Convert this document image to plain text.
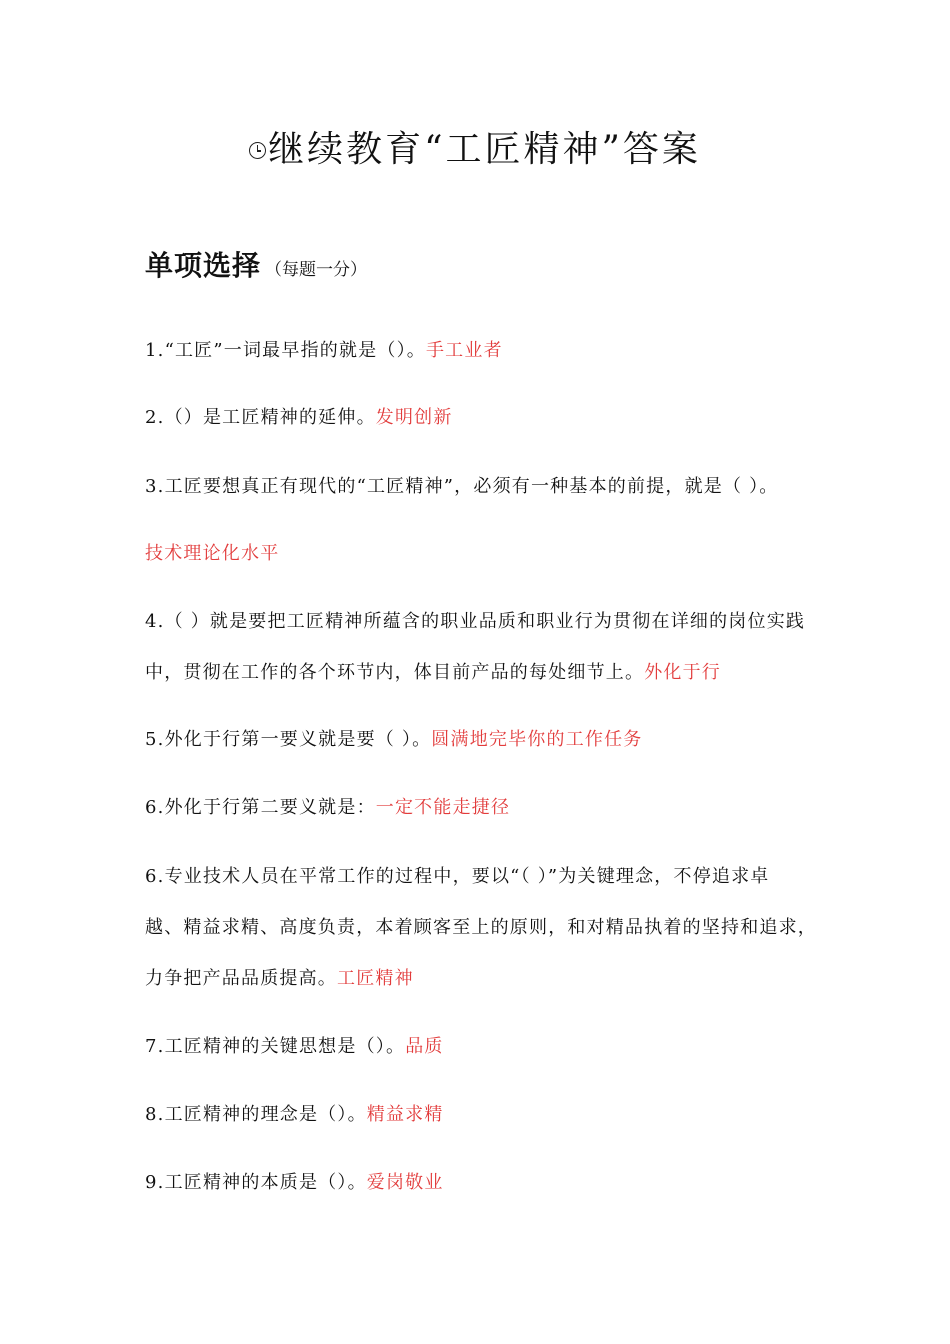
继续教育“工匠精神”答案
单项选择 （每题一分）
1.“工匠”一词最早指的就是（）。手工业者
2.（）是工匠精神的延伸。发明创新
3.工匠要想真正有现代的“工匠精神”，必须有一种基本的前提，就是（ ）。
技术理论化水平
4.（ ）就是要把工匠精神所蕴含的职业品质和职业行为贯彻在详细的岗位实践
中，贯彻在工作的各个环节内，体目前产品的每处细节上。外化于行
5.外化于行第一要义就是要（ ）。圆满地完毕你的工作任务
6.外化于行第二要义就是：一定不能走捷径
6.专业技术人员在平常工作的过程中，要以“（ ）”为关键理念，不停追求卓
越、精益求精、高度负责，本着顾客至上的原则，和对精品执着的坚持和追求，
力争把产品品质提高。工匠精神
7.工匠精神的关键思想是（）。品质
8.工匠精神的理念是（）。精益求精
9.工匠精神的本质是（）。爱岗敬业
